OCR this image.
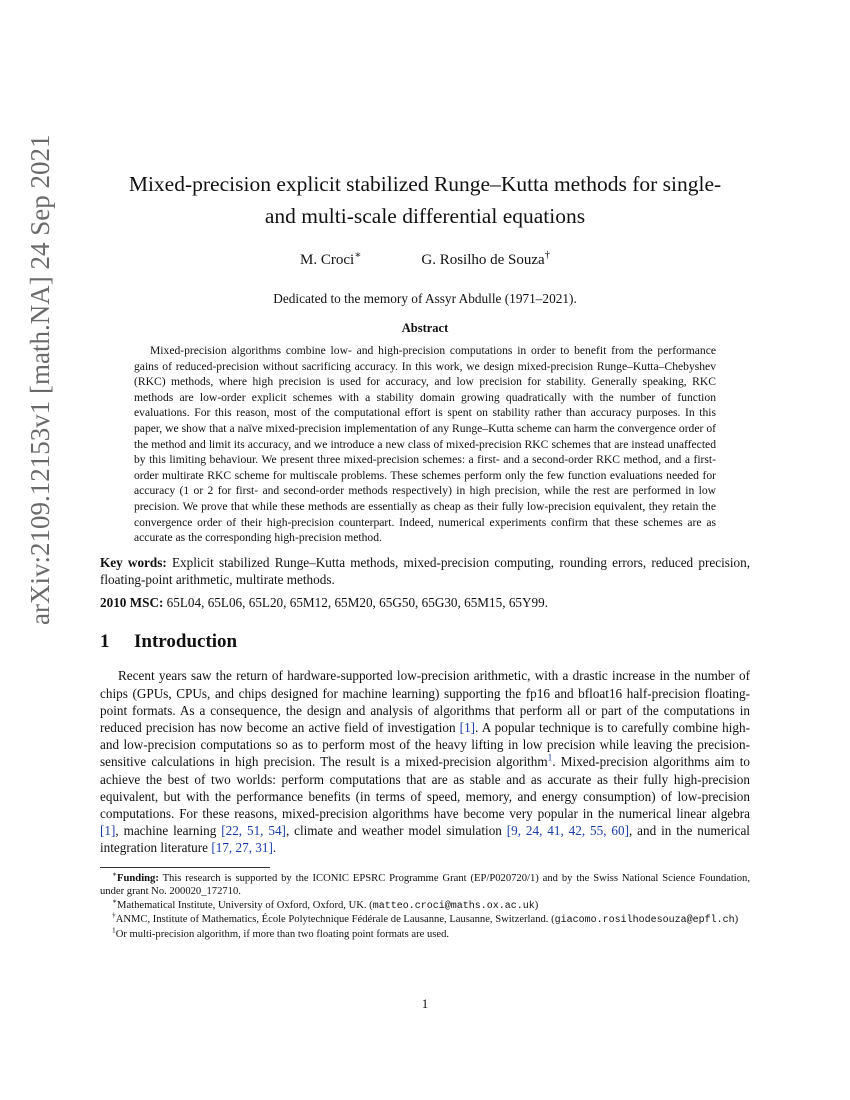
arXiv:2109.12153v1 [math.NA] 24 Sep 2021	Mixed-precision explicit stabilized Runge–Kutta methods for single-
and multi-scale differential equations
M. Croci∗	G. Rosilho de Souza†
Dedicated to the memory of Assyr Abdulle (1971–2021).
Abstract
Mixed-precision algorithms combine low- and high-precision computations in order to benefit from the performance gains of reduced-precision without sacrificing accuracy. In this work, we design mixed-precision Runge–Kutta–Chebyshev (RKC) methods, where high precision is used for accuracy, and low precision for stability. Generally speaking, RKC methods are low-order explicit schemes with a stability domain growing quadratically with the number of function evaluations. For this reason, most of the computational effort is spent on stability rather than accuracy purposes. In this paper, we show that a naïve mixed-precision implementation of any Runge–Kutta scheme can harm the convergence order of the method and limit its accuracy, and we introduce a new class of mixed-precision RKC schemes that are instead unaffected by this limiting behaviour. We present three mixed-precision schemes: a first- and a second-order RKC method, and a first-order multirate RKC scheme for multiscale problems. These schemes perform only the few function evaluations needed for accuracy (1 or 2 for first- and second-order methods respectively) in high precision, while the rest are performed in low precision. We prove that while these methods are essentially as cheap as their fully low-precision equivalent, they retain the convergence order of their high-precision counterpart. Indeed, numerical experiments confirm that these schemes are as accurate as the corresponding high-precision method.
Key words: Explicit stabilized Runge–Kutta methods, mixed-precision computing, rounding errors, reduced precision, floating-point arithmetic, multirate methods.
2010 MSC: 65L04, 65L06, 65L20, 65M12, 65M20, 65G50, 65G30, 65M15, 65Y99.
1 Introduction
Recent years saw the return of hardware-supported low-precision arithmetic, with a drastic increase in the number of chips (GPUs, CPUs, and chips designed for machine learning) supporting the fp16 and bfloat16 half-precision floating-point formats. As a consequence, the design and analysis of algorithms that perform all or part of the computations in reduced precision has now become an active field of investigation [1]. A popular technique is to carefully combine high- and low-precision computations so as to perform most of the heavy lifting in low precision while leaving the precision-sensitive calculations in high precision. The result is a mixed-precision algorithm$^1$. Mixed-precision algorithms aim to achieve the best of two worlds: perform computations that are as stable and as accurate as their fully high-precision equivalent, but with the performance benefits (in terms of speed, memory, and energy consumption) of low-precision computations. For these reasons, mixed-precision algorithms have become very popular in the numerical linear algebra [1], machine learning [22, 51, 54], climate and weather model simulation [9, 24, 41, 42, 55, 60], and in the numerical integration literature [17, 27, 31].
∗Funding: This research is supported by the ICONIC EPSRC Programme Grant (EP/P020720/1) and by the Swiss National Science Foundation, under grant No. 200020_172710.
∗Mathematical Institute, University of Oxford, Oxford, UK. (matteo.croci@maths.ox.ac.uk)
†ANMC, Institute of Mathematics, École Polytechnique Fédérale de Lausanne, Lausanne, Switzerland. (giacomo.rosilhodesouza@epfl.ch)
$^1$Or multi-precision algorithm, if more than two floating point formats are used.
1
